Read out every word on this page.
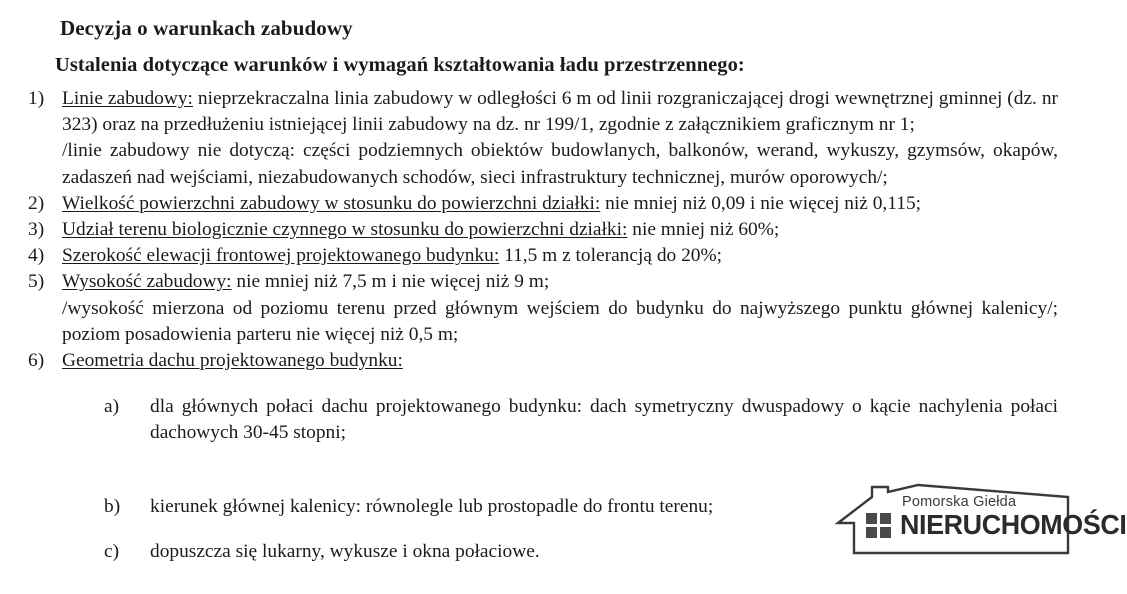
Decyzja o warunkach zabudowy
Ustalenia dotyczące warunków i wymagań kształtowania ładu przestrzennego:

1) Linie zabudowy: nieprzekraczalna linia zabudowy w odległości 6 m od linii rozgraniczającej drogi wewnętrznej gminnej (dz. nr 323) oraz na przedłużeniu istniejącej linii zabudowy na dz. nr 199/1, zgodnie z załącznikiem graficznym nr 1;

/linie zabudowy nie dotyczą: części podziemnych obiektów budowlanych, balkonów, werand, wykuszy, gzymsów, okapów, zadaszeń nad wejściami, niezabudowanych schodów, sieci infrastruktury technicznej, murów oporowych/;

2) Wielkość powierzchni zabudowy w stosunku do powierzchni działki: nie mniej niż 0,09 i nie więcej niż 0,115;

3) Udział terenu biologicznie czynnego w stosunku do powierzchni działki: nie mniej niż 60%;

4) Szerokość elewacji frontowej projektowanego budynku: 11,5 m z tolerancją do 20%;

5) Wysokość zabudowy: nie mniej niż 7,5 m i nie więcej niż 9 m;

/wysokość mierzona od poziomu terenu przed głównym wejściem do budynku do najwyższego punktu głównej kalenicy/; poziom posadowienia parteru nie więcej niż 0,5 m;

6) Geometria dachu projektowanego budynku:

a)	dla głównych połaci dachu projektowanego budynku: dach symetryczny dwuspadowy o kącie nachylenia połaci dachowych 30-45 stopni;

b)	kierunek głównej kalenicy: równolegle lub prostopadle do frontu terenu;

c)	dopuszcza się lukarny, wykusze i okna połaciowe.

Pomorska Giełda
NIERUCHOMOŚCI
